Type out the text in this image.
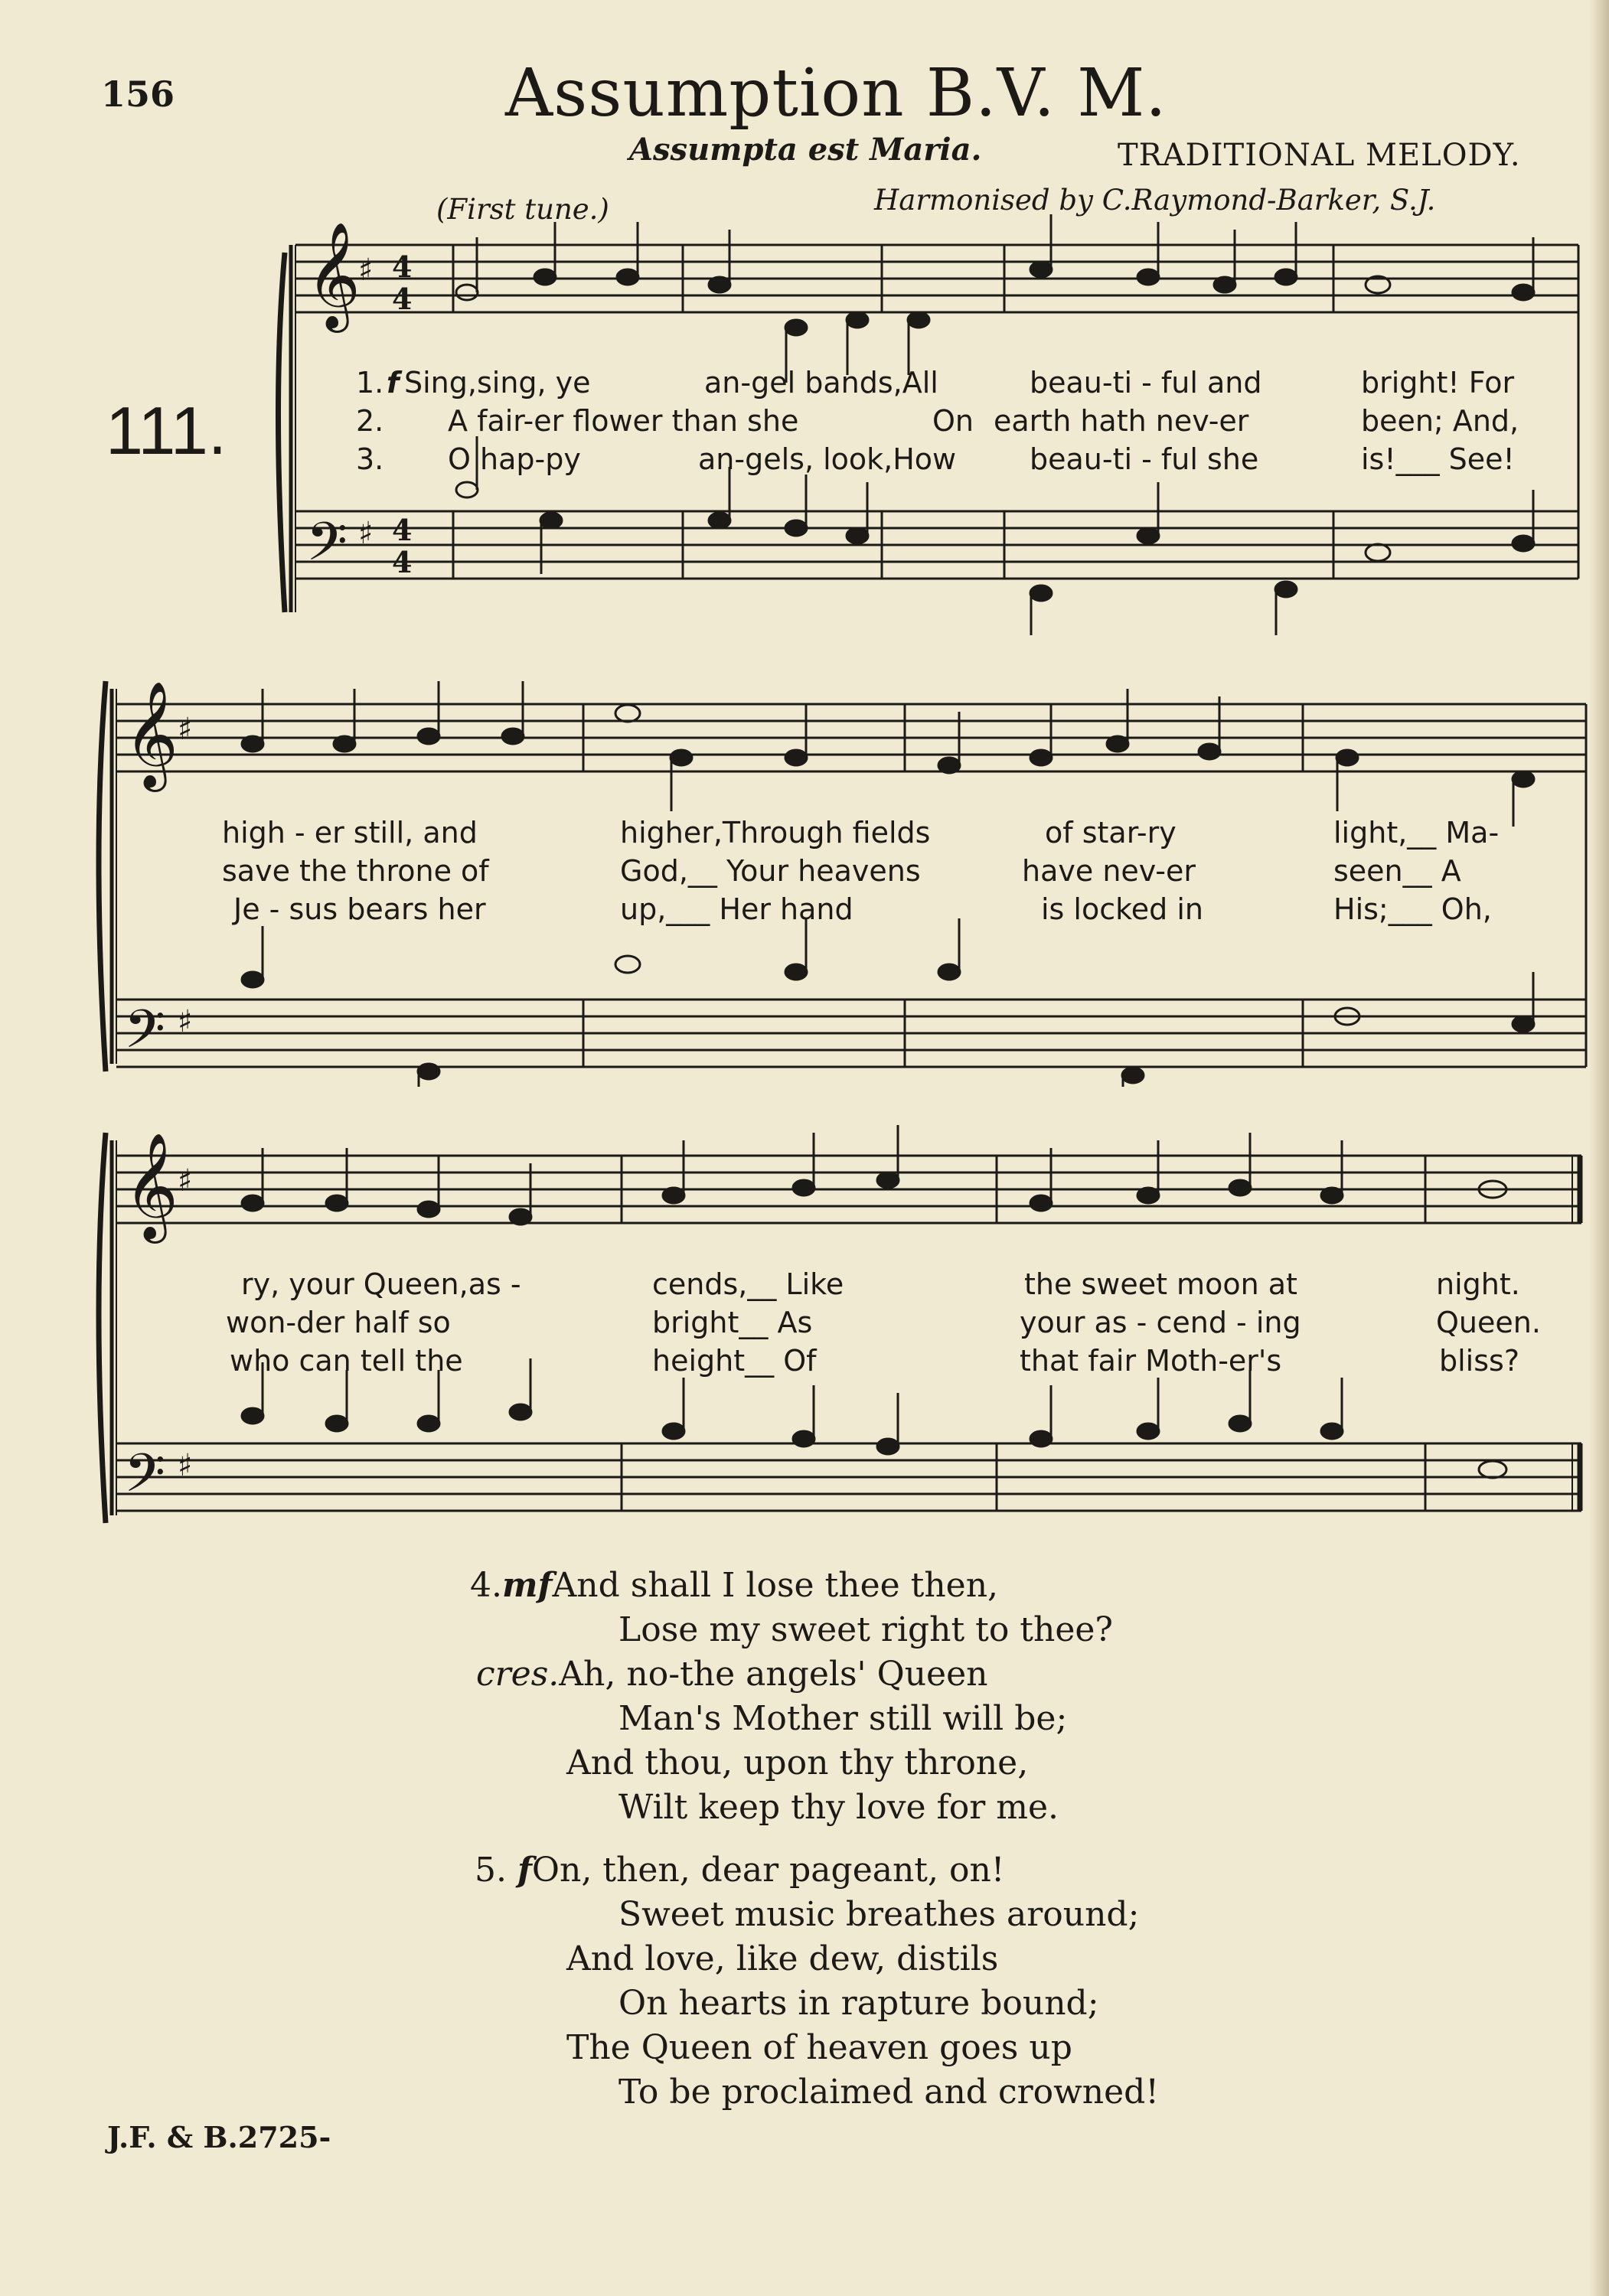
156	Assumption B.V. M.
Assumpta est Maria.	TRADITIONAL MELODY.
(First tune.)	Harmonised by C.Raymond-Barker, S.J.
111.
𝄞
𝄢
♯
♯
4
4
4
4
1. f Sing,sing, ye	an-gel bands,All	beau-ti - ful and	bright! For
2. A fair-er flower than she	On earth hath nev-er	been; And,
3. O hap-py	an-gels, look,How	beau-ti - ful she	is!___ See!
𝄞
𝄢
♯
♯
high - er still, and	higher,Through fields	of star-ry	light,__ Ma-
save the throne of	God,__ Your heavens	have nev-er	seen__ A
Je - sus bears her	up,___ Her hand	is locked in	His;___ Oh,
𝄞
𝄢
♯
♯
ry, your Queen,as -	cends,__ Like	the sweet moon at	night.
won-der half so	bright__ As	your as - cend - ing	Queen.
who can tell the	height__ Of	that fair Moth-er's	bliss?
4.mfAnd shall I lose thee then,
Lose my sweet right to thee?
cres.Ah, no-the angels' Queen
Man's Mother still will be;
And thou, upon thy throne,
Wilt keep thy love for me.
5. fOn, then, dear pageant, on!
Sweet music breathes around;
And love, like dew, distils
On hearts in rapture bound;
The Queen of heaven goes up
To be proclaimed and crowned!
J.F. & B.2725-
